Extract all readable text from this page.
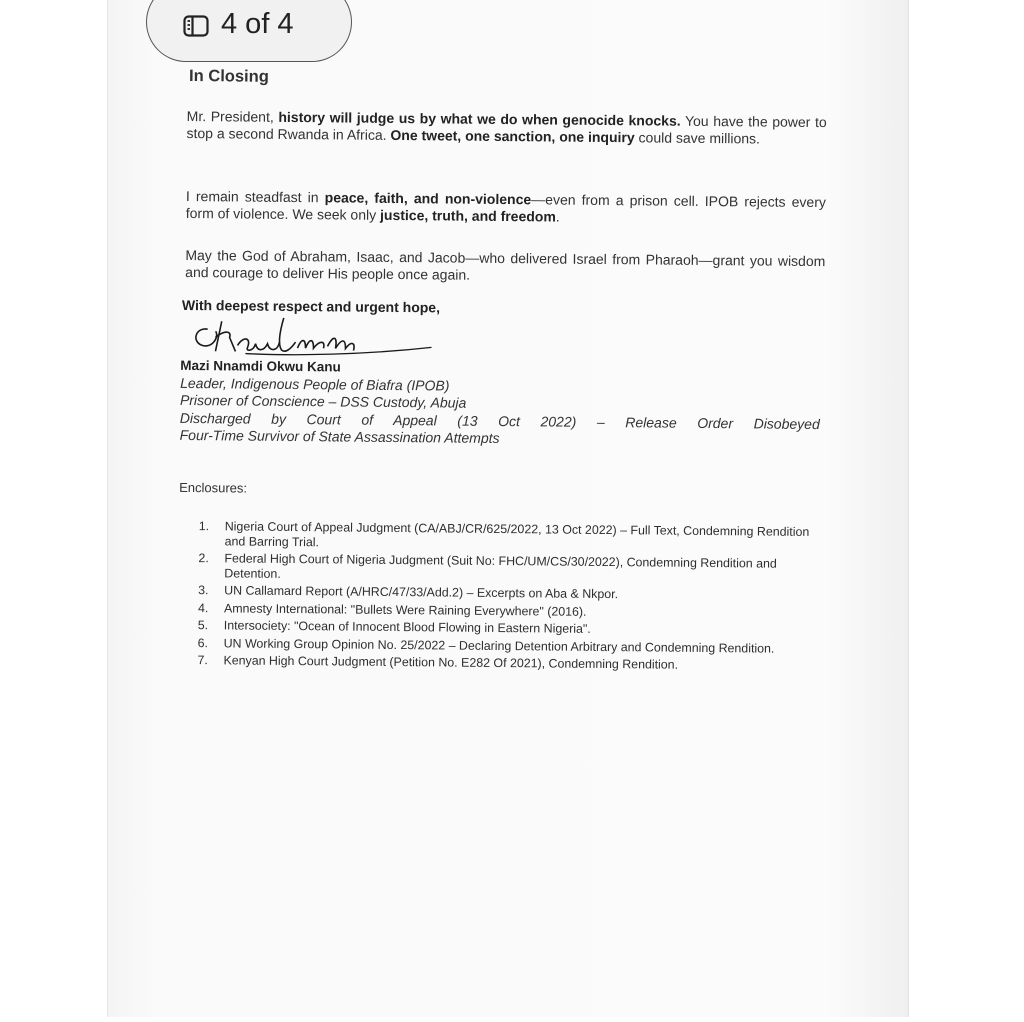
4 of 4
In Closing
Mr. President, history will judge us by what we do when genocide knocks. You have the power to stop a second Rwanda in Africa. One tweet, one sanction, one inquiry could save millions.
I remain steadfast in peace, faith, and non-violence—even from a prison cell. IPOB rejects every form of violence. We seek only justice, truth, and freedom.
May the God of Abraham, Isaac, and Jacob—who delivered Israel from Pharaoh—grant you wisdom and courage to deliver His people once again.
With deepest respect and urgent hope,
Mazi Nnamdi Okwu Kanu
Leader, Indigenous People of Biafra (IPOB)
Prisoner of Conscience – DSS Custody, Abuja
Discharged by Court of Appeal (13 Oct 2022) – Release Order Disobeyed
Four-Time Survivor of State Assassination Attempts
Enclosures:
1.	Nigeria Court of Appeal Judgment (CA/ABJ/CR/625/2022, 13 Oct 2022) – Full Text, Condemning Rendition and Barring Trial.
2.	Federal High Court of Nigeria Judgment (Suit No: FHC/UM/CS/30/2022), Condemning Rendition and Detention.
3.	UN Callamard Report (A/HRC/47/33/Add.2) – Excerpts on Aba & Nkpor.
4.	Amnesty International: "Bullets Were Raining Everywhere" (2016).
5.	Intersociety: "Ocean of Innocent Blood Flowing in Eastern Nigeria".
6.	UN Working Group Opinion No. 25/2022 – Declaring Detention Arbitrary and Condemning Rendition.
7.	Kenyan High Court Judgment (Petition No. E282 Of 2021), Condemning Rendition.
